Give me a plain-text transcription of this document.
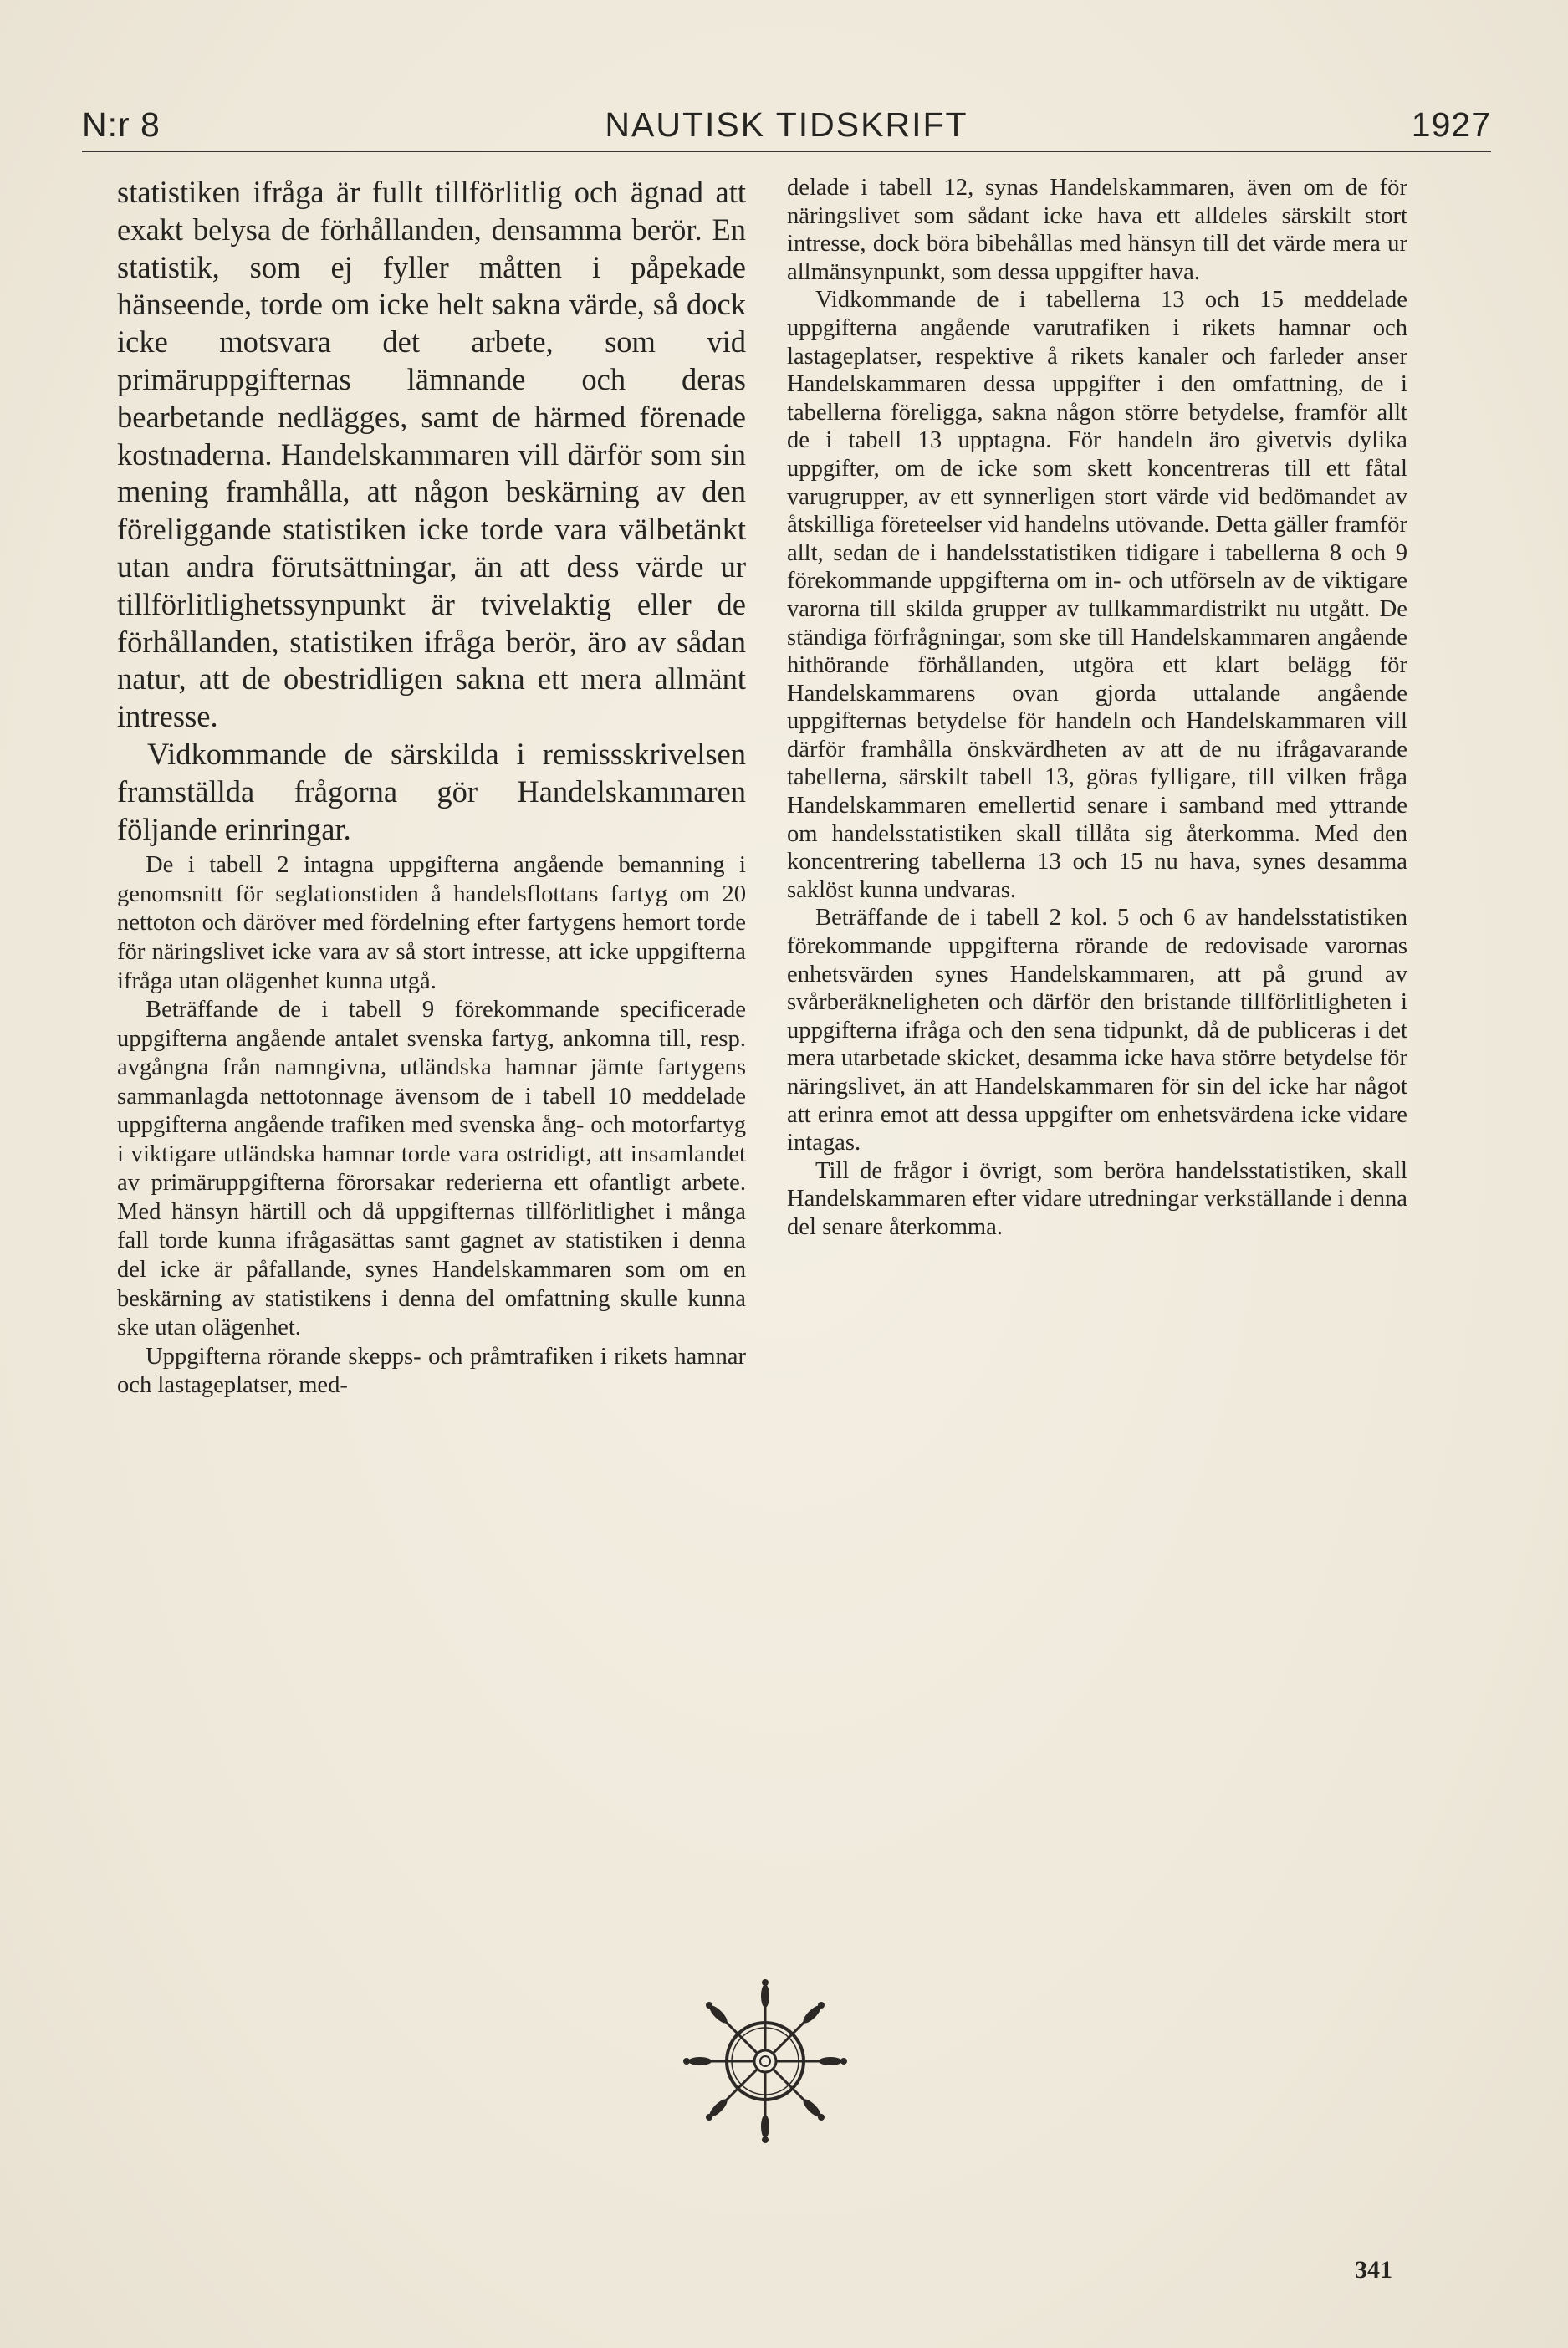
N:r 8	NAUTISK TIDSKRIFT	1927

statistiken ifråga är fullt tillförlitlig och ägnad att exakt belysa de förhållanden, densamma berör. En statistik, som ej fyller måtten i påpekade hänseende, torde om icke helt sakna värde, så dock icke motsvara det arbete, som vid primäruppgifternas lämnande och deras bearbetande nedlägges, samt de härmed förenade kostnaderna. Handelskammaren vill därför som sin mening framhålla, att någon beskärning av den föreliggande statistiken icke torde vara välbetänkt utan andra förutsättningar, än att dess värde ur tillförlitlighetssynpunkt är tvivelaktig eller de förhållanden, statistiken ifråga berör, äro av sådan natur, att de obestridligen sakna ett mera allmänt intresse.

Vidkommande de särskilda i remissskrivelsen framställda frågorna gör Handelskammaren följande erinringar.

De i tabell 2 intagna uppgifterna angående bemanning i genomsnitt för seglationstiden å handelsflottans fartyg om 20 nettoton och däröver med fördelning efter fartygens hemort torde för näringslivet icke vara av så stort intresse, att icke uppgifterna ifråga utan olägenhet kunna utgå.

Beträffande de i tabell 9 förekommande specificerade uppgifterna angående antalet svenska fartyg, ankomna till, resp. avgångna från namngivna, utländska hamnar jämte fartygens sammanlagda nettotonnage ävensom de i tabell 10 meddelade uppgifterna angående trafiken med svenska ång- och motorfartyg i viktigare utländska hamnar torde vara ostridigt, att insamlandet av primäruppgifterna förorsakar rederierna ett ofantligt arbete. Med hänsyn härtill och då uppgifternas tillförlitlighet i många fall torde kunna ifrågasättas samt gagnet av statistiken i denna del icke är påfallande, synes Handelskammaren som om en beskärning av statistikens i denna del omfattning skulle kunna ske utan olägenhet.

Uppgifterna rörande skepps- och pråmtrafiken i rikets hamnar och lastageplatser, med-

delade i tabell 12, synas Handelskammaren, även om de för näringslivet som sådant icke hava ett alldeles särskilt stort intresse, dock böra bibehållas med hänsyn till det värde mera ur allmänsynpunkt, som dessa uppgifter hava.

Vidkommande de i tabellerna 13 och 15 meddelade uppgifterna angående varutrafiken i rikets hamnar och lastageplatser, respektive å rikets kanaler och farleder anser Handelskammaren dessa uppgifter i den omfattning, de i tabellerna föreligga, sakna någon större betydelse, framför allt de i tabell 13 upptagna. För handeln äro givetvis dylika uppgifter, om de icke som skett koncentreras till ett fåtal varugrupper, av ett synnerligen stort värde vid bedömandet av åtskilliga företeelser vid handelns utövande. Detta gäller framför allt, sedan de i handelsstatistiken tidigare i tabellerna 8 och 9 förekommande uppgifterna om in- och utförseln av de viktigare varorna till skilda grupper av tullkammardistrikt nu utgått. De ständiga förfrågningar, som ske till Handelskammaren angående hithörande förhållanden, utgöra ett klart belägg för Handelskammarens ovan gjorda uttalande angående uppgifternas betydelse för handeln och Handelskammaren vill därför framhålla önskvärdheten av att de nu ifrågavarande tabellerna, särskilt tabell 13, göras fylligare, till vilken fråga Handelskammaren emellertid senare i samband med yttrande om handelsstatistiken skall tillåta sig återkomma. Med den koncentrering tabellerna 13 och 15 nu hava, synes desamma saklöst kunna undvaras.

Beträffande de i tabell 2 kol. 5 och 6 av handelsstatistiken förekommande uppgifterna rörande de redovisade varornas enhetsvärden synes Handelskammaren, att på grund av svårberäkneligheten och därför den bristande tillförlitligheten i uppgifterna ifråga och den sena tidpunkt, då de publiceras i det mera utarbetade skicket, desamma icke hava större betydelse för näringslivet, än att Handelskammaren för sin del icke har något att erinra emot att dessa uppgifter om enhetsvärdena icke vidare intagas.

Till de frågor i övrigt, som beröra handelsstatistiken, skall Handelskammaren efter vidare utredningar verkställande i denna del senare återkomma.

341
